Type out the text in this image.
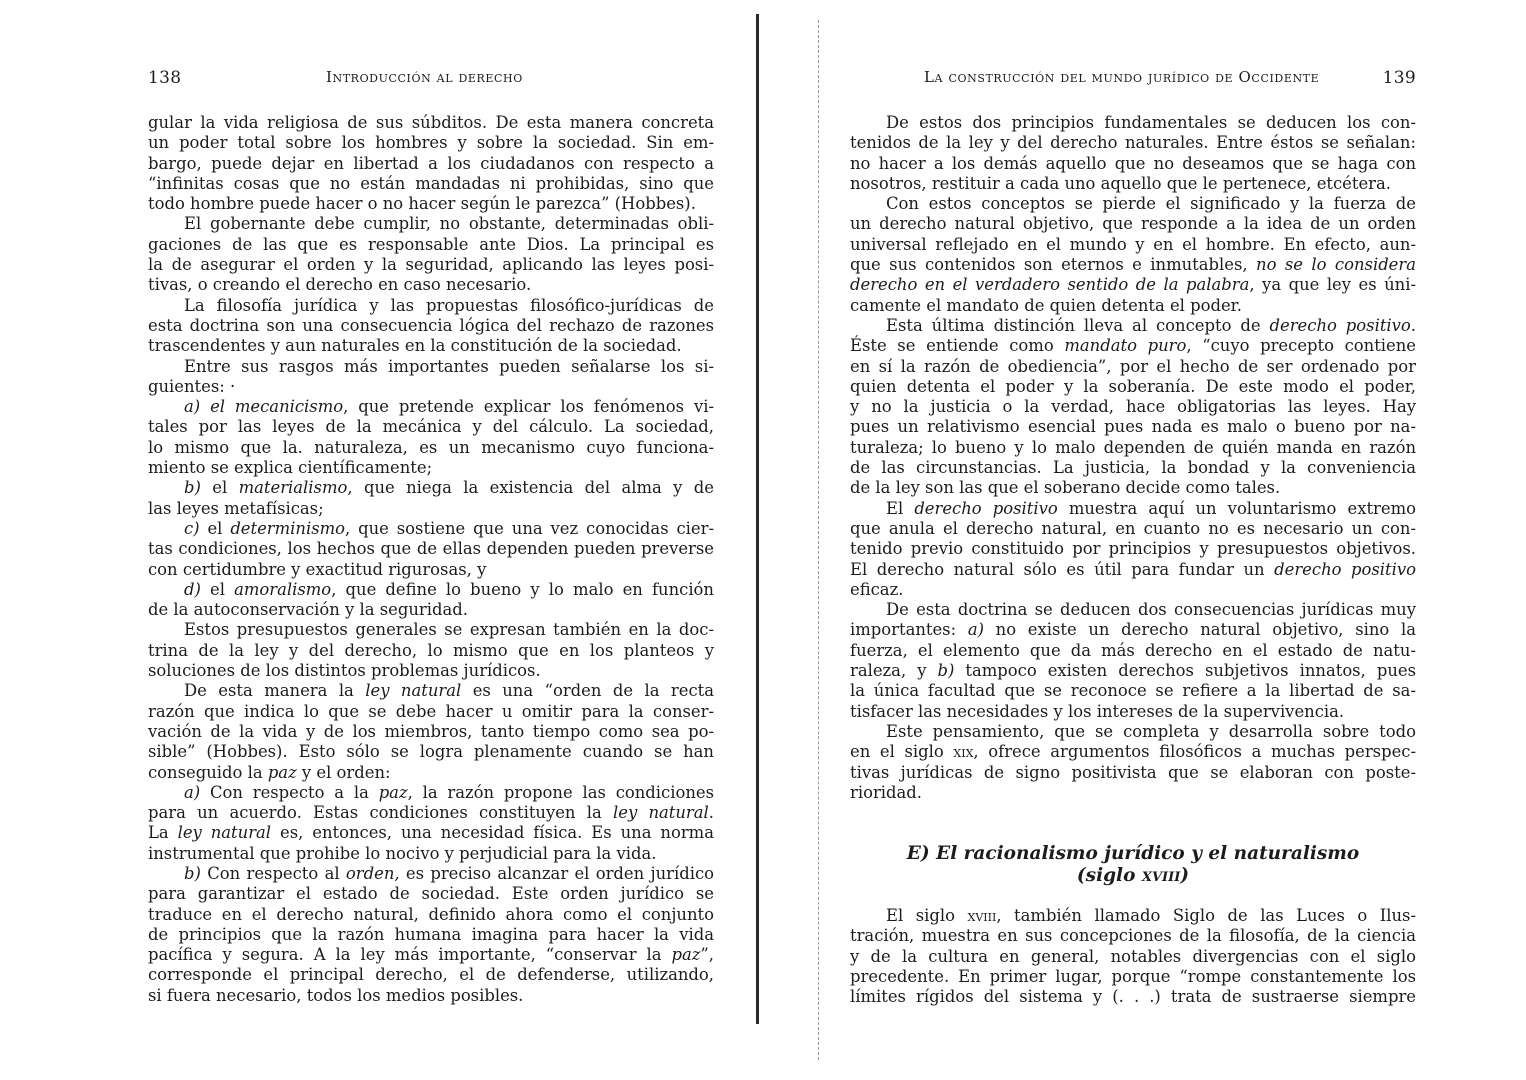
138	Introducción al derecho
gular la vida religiosa de sus súbditos. De esta manera concreta
un poder total sobre los hombres y sobre la sociedad. Sin em-
bargo, puede dejar en libertad a los ciudadanos con respecto a
“infinitas cosas que no están mandadas ni prohibidas, sino que
todo hombre puede hacer o no hacer según le parezca” (Hobbes).
El gobernante debe cumplir, no obstante, determinadas obli-
gaciones de las que es responsable ante Dios. La principal es
la de asegurar el orden y la seguridad, aplicando las leyes posi-
tivas, o creando el derecho en caso necesario.
La filosofía jurídica y las propuestas filosófico-jurídicas de
esta doctrina son una consecuencia lógica del rechazo de razones
trascendentes y aun naturales en la constitución de la sociedad.
Entre sus rasgos más importantes pueden señalarse los si-
guientes: ·
a) el mecanicismo, que pretende explicar los fenómenos vi-
tales por las leyes de la mecánica y del cálculo. La sociedad,
lo mismo que la. naturaleza, es un mecanismo cuyo funciona-
miento se explica científicamente;
b) el materialismo, que niega la existencia del alma y de
las leyes metafísicas;
c) el determinismo, que sostiene que una vez conocidas cier-
tas condiciones, los hechos que de ellas dependen pueden preverse
con certidumbre y exactitud rigurosas, y
d) el amoralismo, que define lo bueno y lo malo en función
de la autoconservación y la seguridad.
Estos presupuestos generales se expresan también en la doc-
trina de la ley y del derecho, lo mismo que en los planteos y
soluciones de los distintos problemas jurídicos.
De esta manera la ley natural es una “orden de la recta
razón que indica lo que se debe hacer u omitir para la conser-
vación de la vida y de los miembros, tanto tiempo como sea po-
sible” (Hobbes). Esto sólo se logra plenamente cuando se han
conseguido la paz y el orden:
a) Con respecto a la paz, la razón propone las condiciones
para un acuerdo. Estas condiciones constituyen la ley natural.
La ley natural es, entonces, una necesidad física. Es una norma
instrumental que prohibe lo nocivo y perjudicial para la vida.
b) Con respecto al orden, es preciso alcanzar el orden jurídico
para garantizar el estado de sociedad. Este orden jurídico se
traduce en el derecho natural, definido ahora como el conjunto
de principios que la razón humana imagina para hacer la vida
pacífica y segura. A la ley más importante, “conservar la paz”,
corresponde el principal derecho, el de defenderse, utilizando,
si fuera necesario, todos los medios posibles.
La construcción del mundo jurídico de Occidente	139
De estos dos principios fundamentales se deducen los con-
tenidos de la ley y del derecho naturales. Entre éstos se señalan:
no hacer a los demás aquello que no deseamos que se haga con
nosotros, restituir a cada uno aquello que le pertenece, etcétera.
Con estos conceptos se pierde el significado y la fuerza de
un derecho natural objetivo, que responde a la idea de un orden
universal reflejado en el mundo y en el hombre. En efecto, aun-
que sus contenidos son eternos e inmutables, no se lo considera
derecho en el verdadero sentido de la palabra, ya que ley es úni-
camente el mandato de quien detenta el poder.
Esta última distinción lleva al concepto de derecho positivo.
Éste se entiende como mandato puro, “cuyo precepto contiene
en sí la razón de obediencia”, por el hecho de ser ordenado por
quien detenta el poder y la soberanía. De este modo el poder,
y no la justicia o la verdad, hace obligatorias las leyes. Hay
pues un relativismo esencial pues nada es malo o bueno por na-
turaleza; lo bueno y lo malo dependen de quién manda en razón
de las circunstancias. La justicia, la bondad y la conveniencia
de la ley son las que el soberano decide como tales.
El derecho positivo muestra aquí un voluntarismo extremo
que anula el derecho natural, en cuanto no es necesario un con-
tenido previo constituido por principios y presupuestos objetivos.
El derecho natural sólo es útil para fundar un derecho positivo
eficaz.
De esta doctrina se deducen dos consecuencias jurídicas muy
importantes: a) no existe un derecho natural objetivo, sino la
fuerza, el elemento que da más derecho en el estado de natu-
raleza, y b) tampoco existen derechos subjetivos innatos, pues
la única facultad que se reconoce se refiere a la libertad de sa-
tisfacer las necesidades y los intereses de la supervivencia.
Este pensamiento, que se completa y desarrolla sobre todo
en el siglo xix, ofrece argumentos filosóficos a muchas perspec-
tivas jurídicas de signo positivista que se elaboran con poste-
rioridad.
E) El racionalismo jurídico y el naturalismo
(siglo xviii)
El siglo xviii, también llamado Siglo de las Luces o Ilus-
tración, muestra en sus concepciones de la filosofía, de la ciencia
y de la cultura en general, notables divergencias con el siglo
precedente. En primer lugar, porque “rompe constantemente los
límites rígidos del sistema y (. . .) trata de sustraerse siempre
